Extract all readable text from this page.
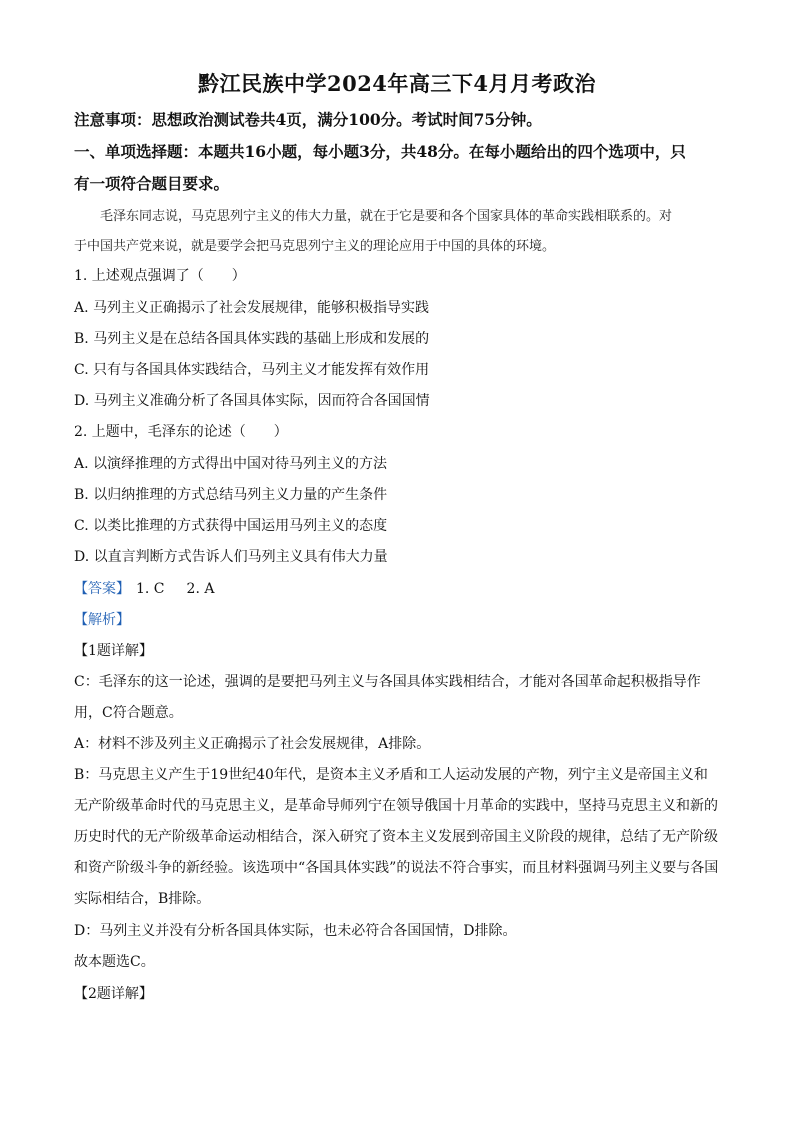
黔江民族中学2024年高三下4月月考政治
注意事项：思想政治测试卷共4页，满分100分。考试时间75分钟。
一、单项选择题：本题共16小题，每小题3分，共48分。在每小题给出的四个选项中，只
有一项符合题目要求。
毛泽东同志说，马克思列宁主义的伟大力量，就在于它是要和各个国家具体的革命实践相联系的。对
于中国共产党来说，就是要学会把马克思列宁主义的理论应用于中国的具体的环境。
1. 上述观点强调了（　　）
A. 马列主义正确揭示了社会发展规律，能够积极指导实践
B. 马列主义是在总结各国具体实践的基础上形成和发展的
C. 只有与各国具体实践结合，马列主义才能发挥有效作用
D. 马列主义准确分析了各国具体实际，因而符合各国国情
2. 上题中，毛泽东的论述（　　）
A. 以演绎推理的方式得出中国对待马列主义的方法
B. 以归纳推理的方式总结马列主义力量的产生条件
C. 以类比推理的方式获得中国运用马列主义的态度
D. 以直言判断方式告诉人们马列主义具有伟大力量
【答案】 1. C 2. A
【解析】
【1题详解】
C：毛泽东的这一论述，强调的是要把马列主义与各国具体实践相结合，才能对各国革命起积极指导作
用，C符合题意。
A：材料不涉及列主义正确揭示了社会发展规律，A排除。
B：马克思主义产生于19世纪40年代，是资本主义矛盾和工人运动发展的产物，列宁主义是帝国主义和
无产阶级革命时代的马克思主义，是革命导师列宁在领导俄国十月革命的实践中，坚持马克思主义和新的
历史时代的无产阶级革命运动相结合，深入研究了资本主义发展到帝国主义阶段的规律，总结了无产阶级
和资产阶级斗争的新经验。该选项中“各国具体实践”的说法不符合事实，而且材料强调马列主义要与各国
实际相结合，B排除。
D：马列主义并没有分析各国具体实际，也未必符合各国国情，D排除。
故本题选C。
【2题详解】
